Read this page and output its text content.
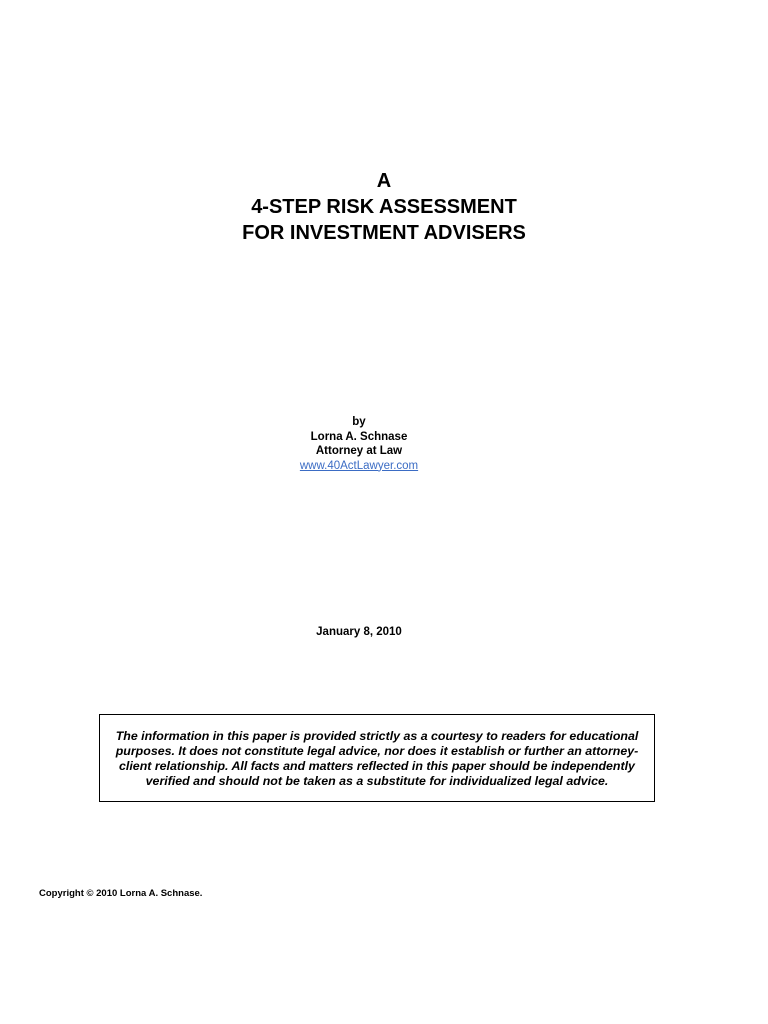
A
4-STEP RISK ASSESSMENT
FOR INVESTMENT ADVISERS
by
Lorna A. Schnase
Attorney at Law
www.40ActLawyer.com
January 8, 2010
The information in this paper is provided strictly as a courtesy to readers for educational purposes. It does not constitute legal advice, nor does it establish or further an attorney-client relationship. All facts and matters reflected in this paper should be independently verified and should not be taken as a substitute for individualized legal advice.
Copyright © 2010 Lorna A. Schnase.
